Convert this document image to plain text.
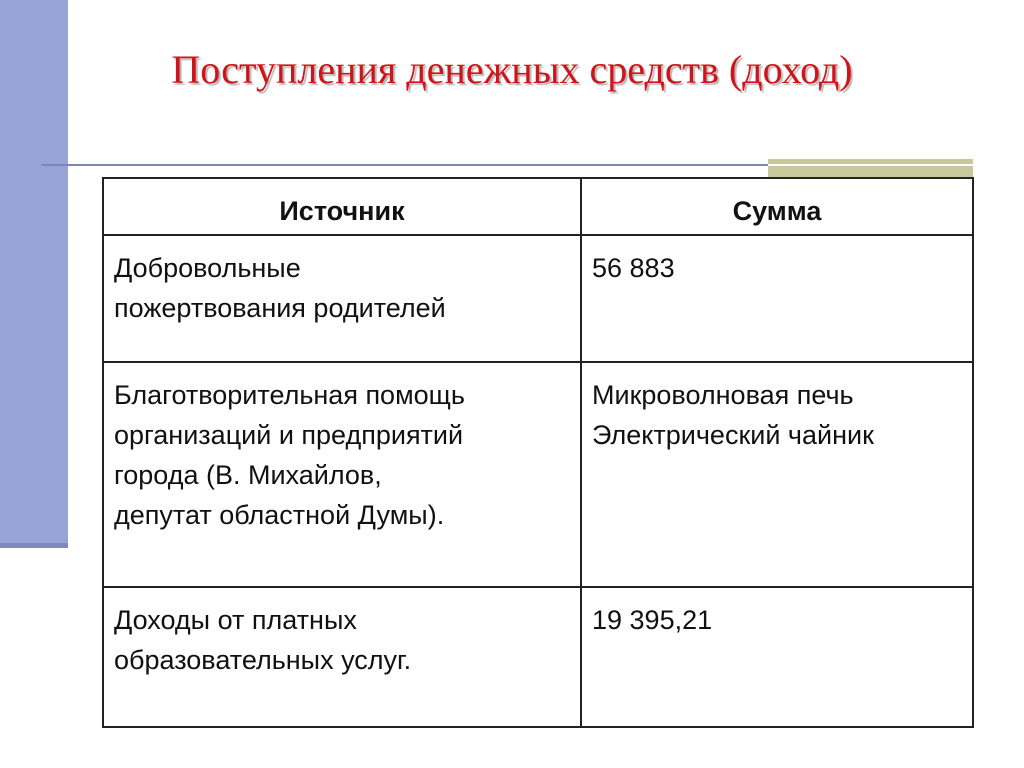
Поступления денежных средств (доход)
Источник	Сумма

Добровольные
пожертвования родителей	56 883

Благотворительная помощь
организаций и предприятий
города (В. Михайлов,
депутат областной Думы).	Микроволновая печь
Электрический чайник

Доходы от платных
образовательных услуг.	19 395,21
